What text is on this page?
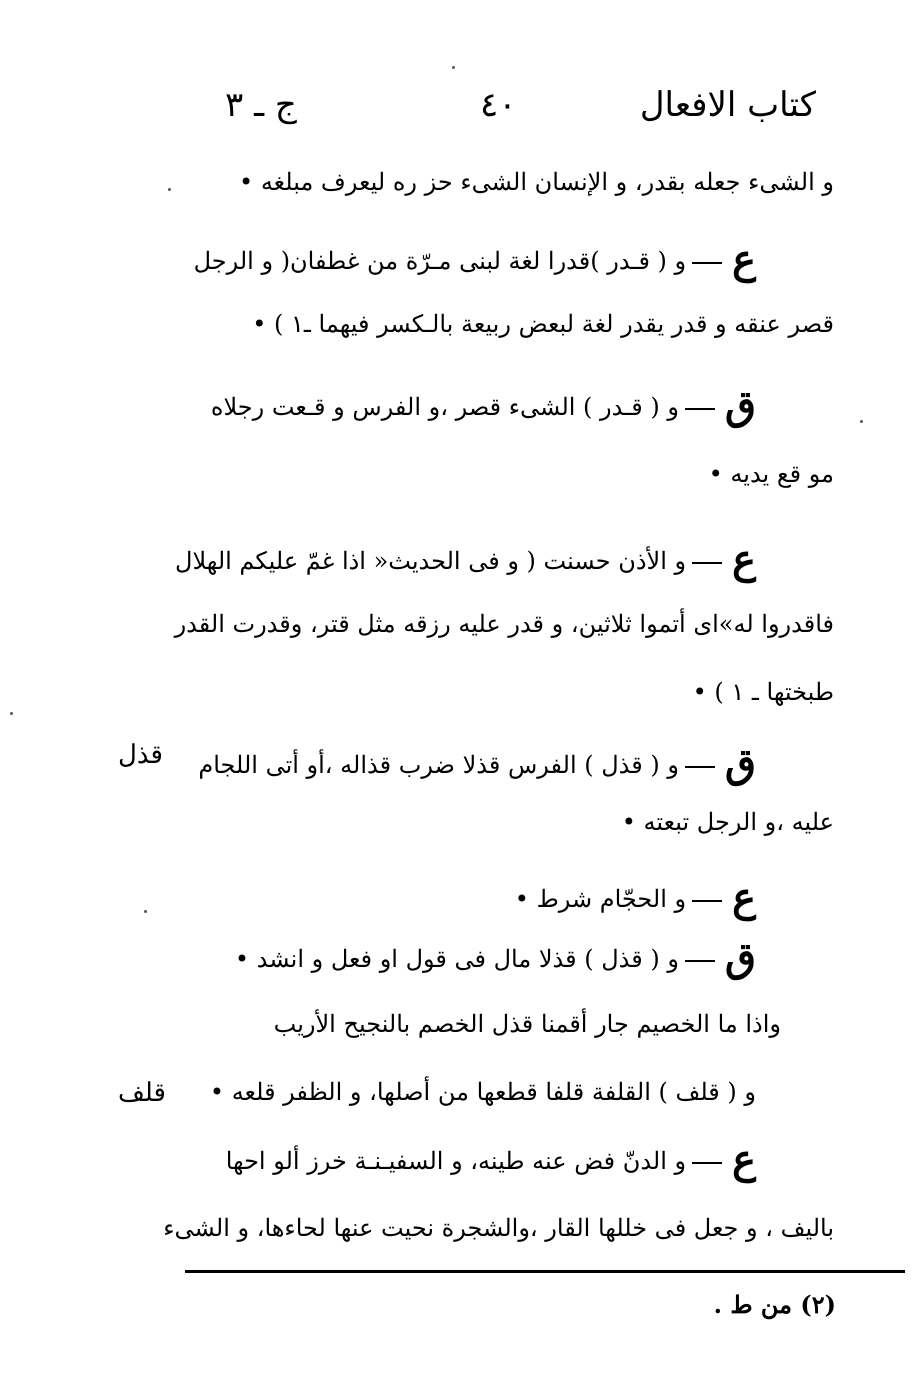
كتاب الافعال
٤٠
ج ـ ٣
و الشىء جعله بقدر، و الإنسان الشىء حز ره ليعرف مبلغه •
عو ( قـدر )قدرا لغة لبنى مـرّة من غطفان( و الرجل
قصر عنقه و قدر يقدر لغة لبعض ربيعة بالـكسر فيهما ـ١ ) •
قو ( قـدر ) الشىء قصر ،و الفرس و قـعت رجلاه
مو قع يديه •
عو الأذن حسنت ( و فى الحديث« اذا غمّ عليكم الهلال
فاقدروا له»اى أتموا ثلاثين، و قدر عليه رزقه مثل قتر، وقدرت القدر
طبختها ـ ١ ) •
قو ( قذل ) الفرس قذلا ضرب قذاله ،أو أتى اللجام
عليه ،و الرجل تبعته •
عو الحجّام شرط •
قو ( قذل ) قذلا مال فى قول او فعل و انشد •
واذا ما الخصيم جار أقمنا قذل الخصم بالنجيح الأريب
و ( قلف ) القلفة قلفا قطعها من أصلها، و الظفر قلعه •
عو الدنّ فض عنه طينه، و السفيـنـة خرز ألو احها
باليف ، و جعل فى خللها القار ،والشجرة نحيت عنها لحاءها، و الشىء
قذل
قلف
(٢) من ط .
